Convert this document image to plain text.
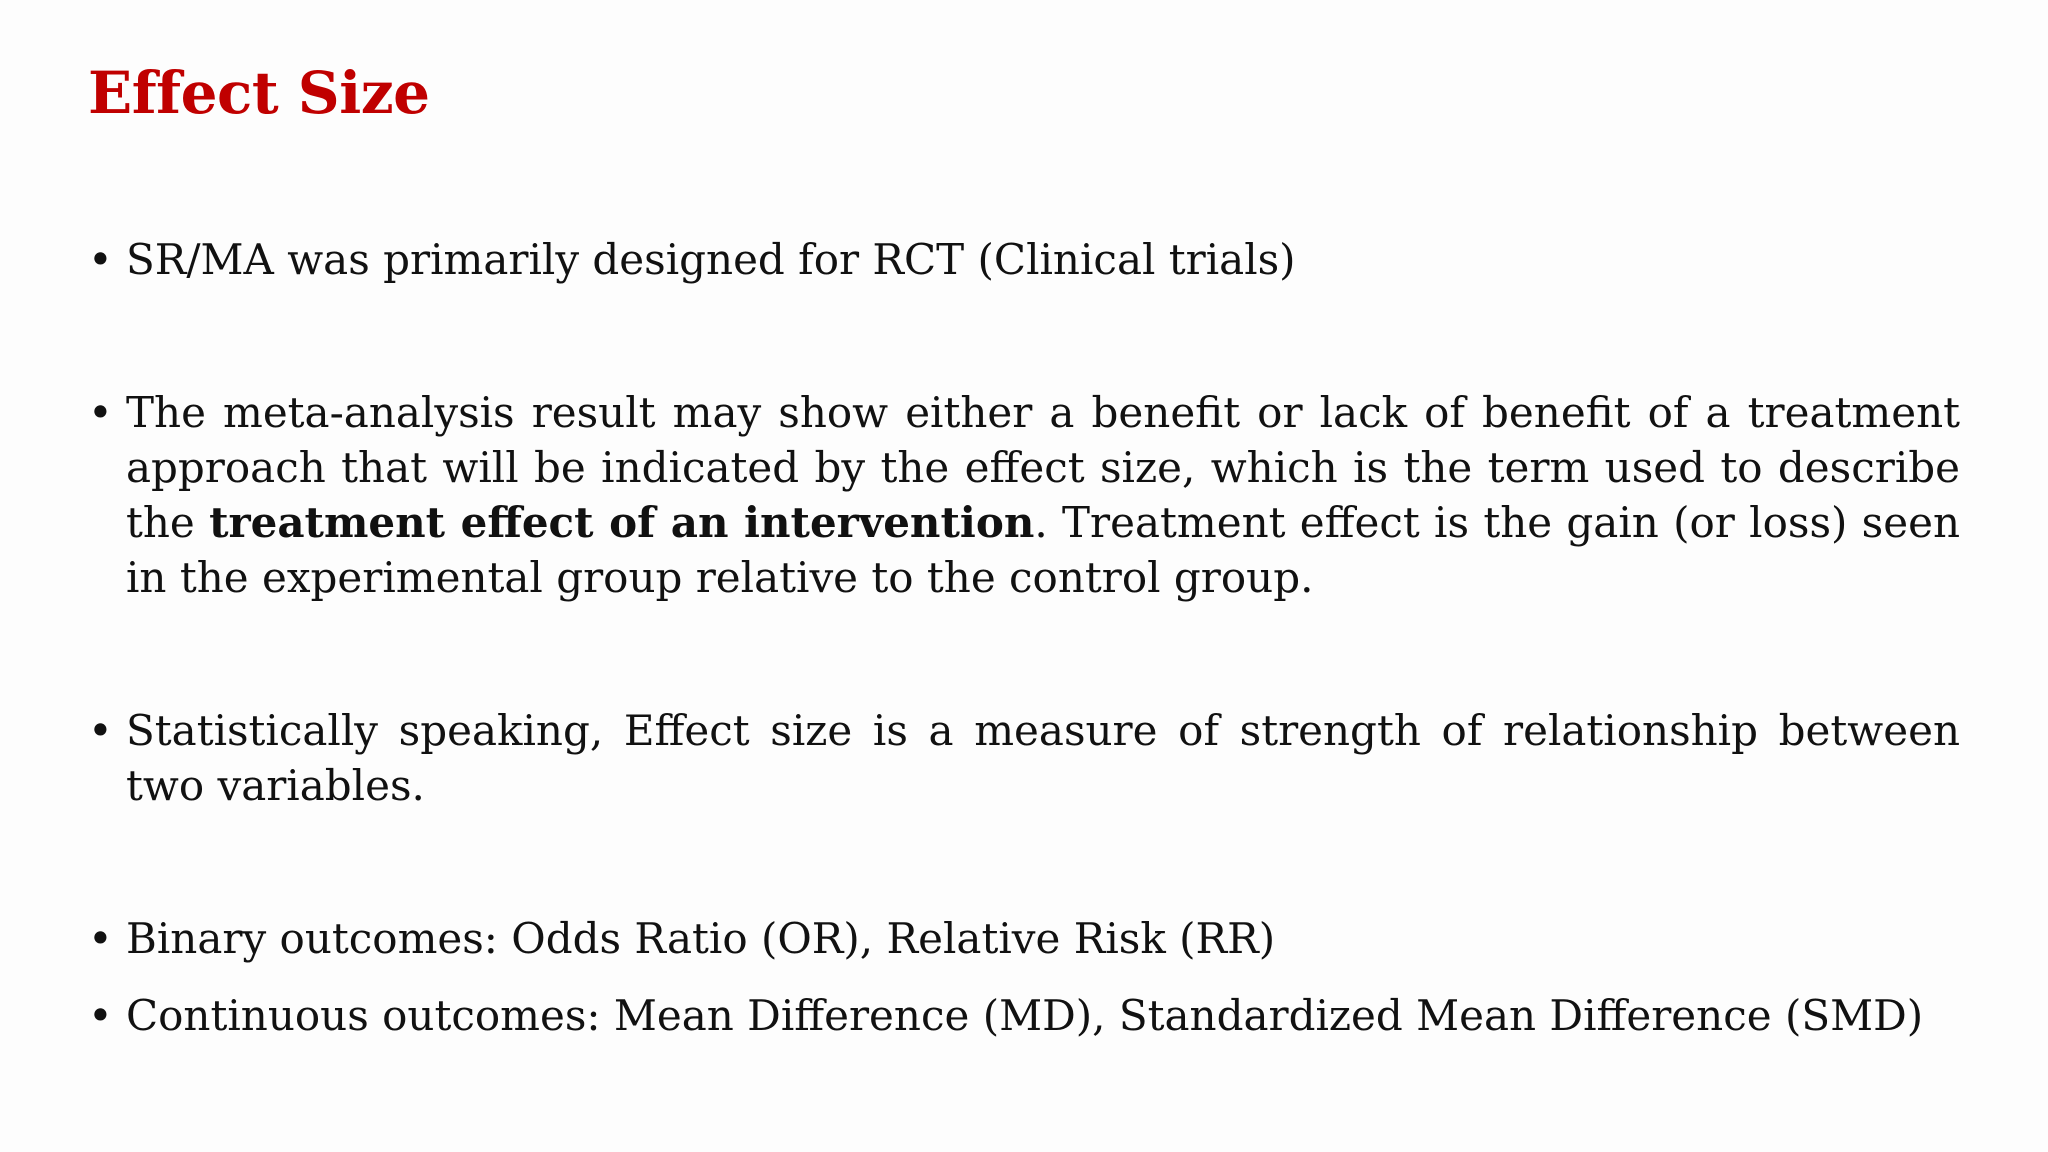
Effect Size
• SR/MA was primarily designed for RCT (Clinical trials)
• The meta-analysis result may show either a benefit or lack of benefit of a treatment approach that will be indicated by the effect size, which is the term used to describe the treatment effect of an intervention. Treatment effect is the gain (or loss) seen in the experimental group relative to the control group.
• Statistically speaking, Effect size is a measure of strength of relationship between two variables.
• Binary outcomes: Odds Ratio (OR), Relative Risk (RR)
• Continuous outcomes: Mean Difference (MD), Standardized Mean Difference (SMD)
